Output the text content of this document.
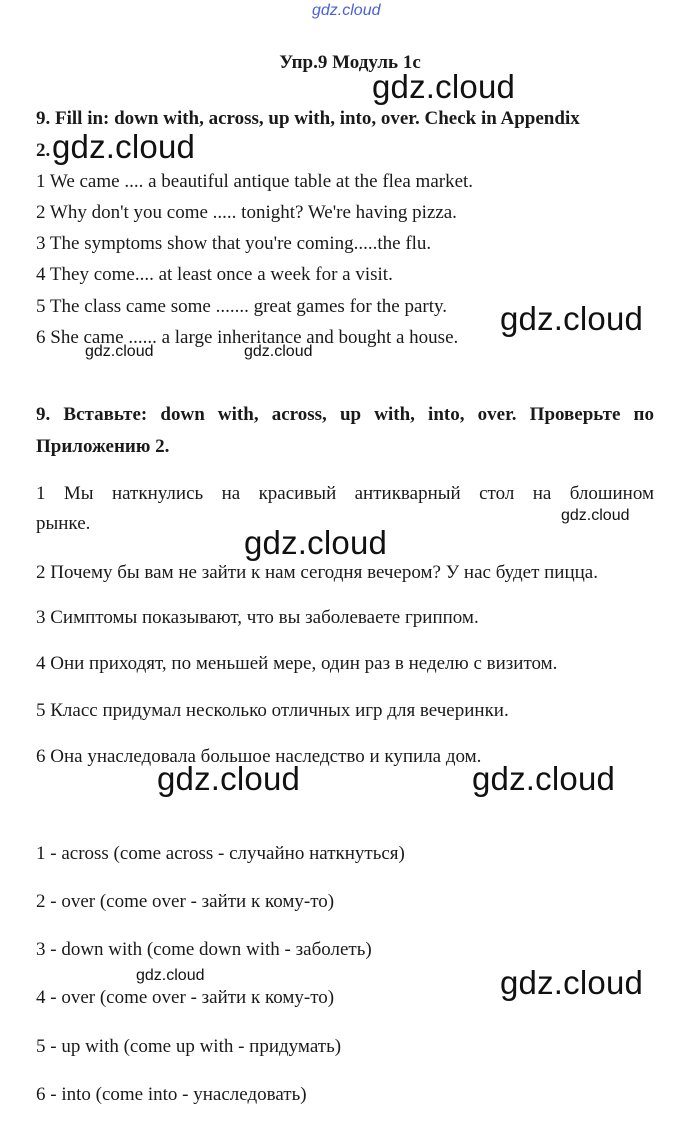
gdz.cloud
Упр.9 Модуль 1c
9. Fill in: down with, across, up with, into, over. Check in Appendix
2.
1 We came .... a beautiful antique table at the flea market.
2 Why don't you come ..... tonight? We're having pizza.
3 The symptoms show that you're coming.....the flu.
4 They come.... at least once a week for a visit.
5 The class came some ....... great games for the party.
6 She came ...... a large inheritance and bought a house.
9. Вставьте: down with, across, up with, into, over. Проверьте по
Приложению 2.
1 Мы наткнулись на красивый антикварный стол на блошином
рынке.
2 Почему бы вам не зайти к нам сегодня вечером? У нас будет пицца.
3 Симптомы показывают, что вы заболеваете гриппом.
4 Они приходят, по меньшей мере, один раз в неделю с визитом.
5 Класс придумал несколько отличных игр для вечеринки.
6 Она унаследовала большое наследство и купила дом.
1 - across (come across - случайно наткнуться)
2 - over (come over - зайти к кому-то)
3 - down with (come down with - заболеть)
4 - over (come over - зайти к кому-то)
5 - up with (come up with - придумать)
6 - into (come into - унаследовать)
gdz.cloud
gdz.cloud
gdz.cloud
gdz.cloud	gdz.cloud
gdz.cloud
gdz.cloud
gdz.cloud	gdz.cloud
gdz.cloud	gdz.cloud
